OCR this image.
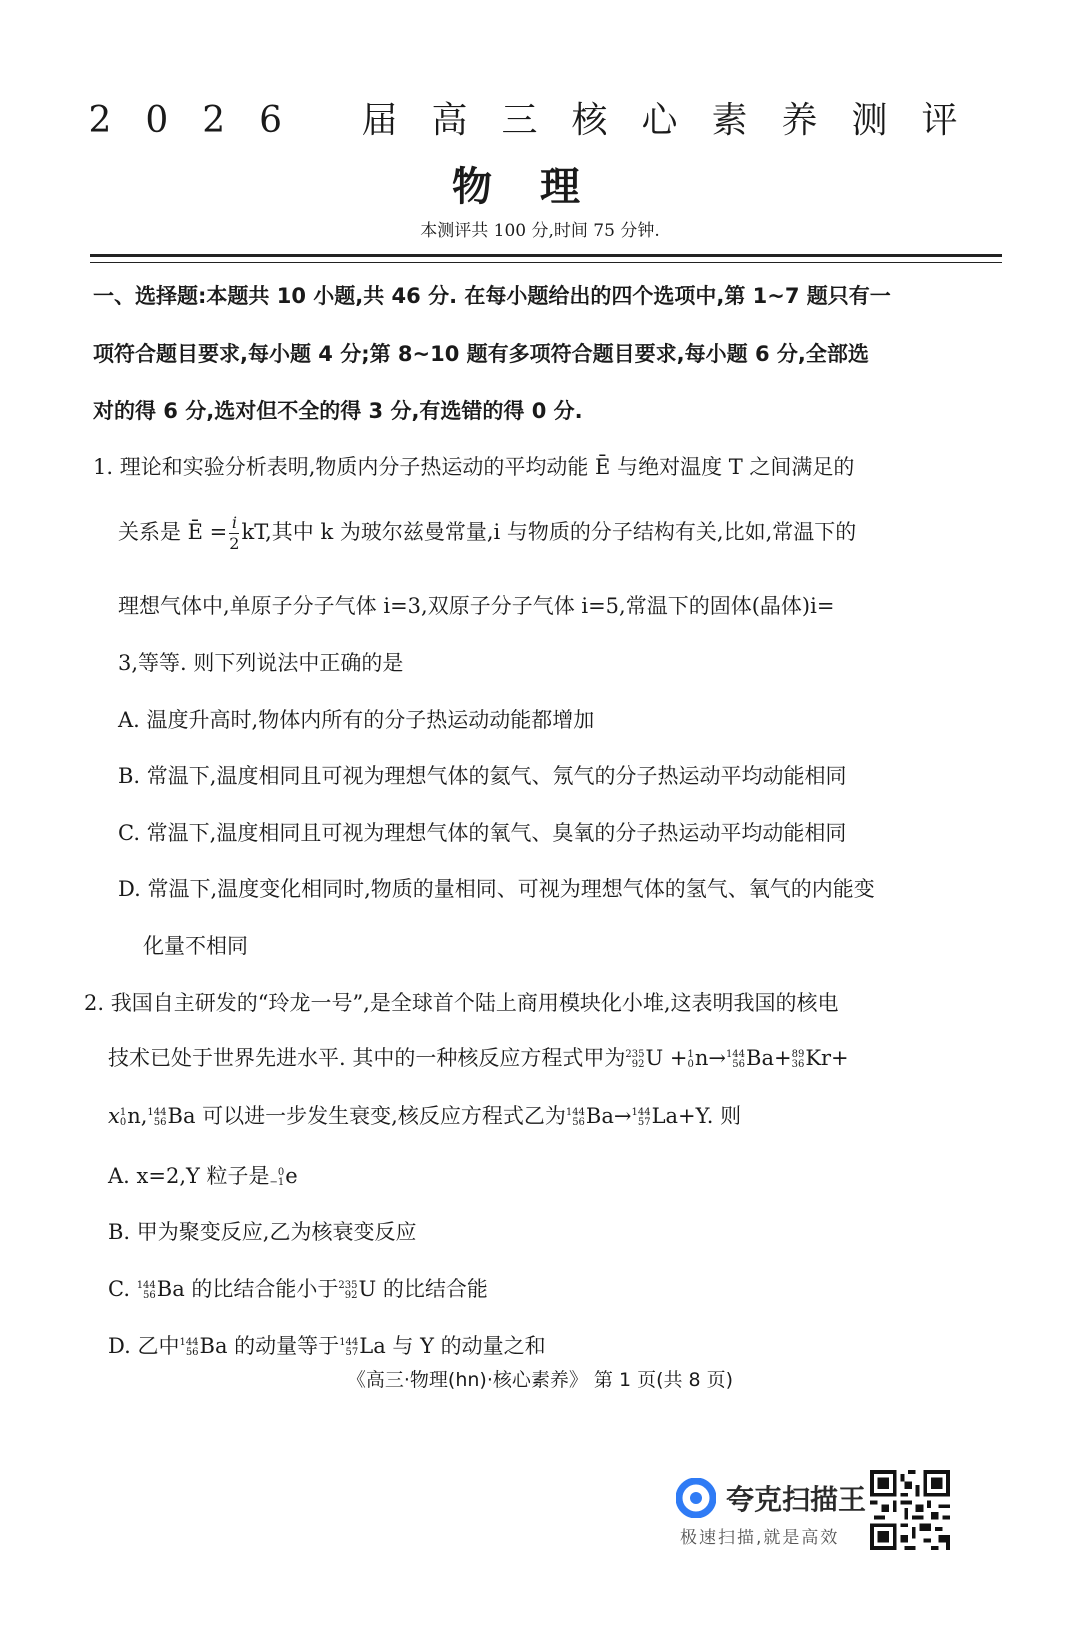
2026 届高三核心素养测评
物理
本测评共 100 分,时间 75 分钟.
一、选择题:本题共 10 小题,共 46 分. 在每小题给出的四个选项中,第 1~7 题只有一
项符合题目要求,每小题 4 分;第 8~10 题有多项符合题目要求,每小题 6 分,全部选
对的得 6 分,选对但不全的得 3 分,有选错的得 0 分.
1. 理论和实验分析表明,物质内分子热运动的平均动能 Ē 与绝对温度 T 之间满足的
关系是 Ē = $\frac{i}{2}$ kT,其中 k 为玻尔兹曼常量,i 与物质的分子结构有关,比如,常温下的
理想气体中,单原子分子气体 i=3,双原子分子气体 i=5,常温下的固体(晶体)i=
3,等等. 则下列说法中正确的是
A. 温度升高时,物体内所有的分子热运动动能都增加
B. 常温下,温度相同且可视为理想气体的氦气、氖气的分子热运动平均动能相同
C. 常温下,温度相同且可视为理想气体的氧气、臭氧的分子热运动平均动能相同
D. 常温下,温度变化相同时,物质的量相同、可视为理想气体的氢气、氧气的内能变
化量不相同
2. 我国自主研发的“玲龙一号”,是全球首个陆上商用模块化小堆,这表明我国的核电
技术已处于世界先进水平. 其中的一种核反应方程式甲为 235
92 U + 1
0 n→ 144
56 Ba+ 89
36 Kr+
x 1
0 n, 144
56 Ba 可以进一步发生衰变,核反应方程式乙为 144
56 Ba→ 144
57 La+Y. 则
A. x=2,Y 粒子是 0
−1 e
B. 甲为聚变反应,乙为核衰变反应
C. 144
56 Ba 的比结合能小于 235
92 U 的比结合能
D. 乙中 144
56 Ba 的动量等于 144
57 La 与 Y 的动量之和
《高三·物理(hn)·核心素养》 第 1 页(共 8 页)
夸克扫描王
极速扫描,就是高效
